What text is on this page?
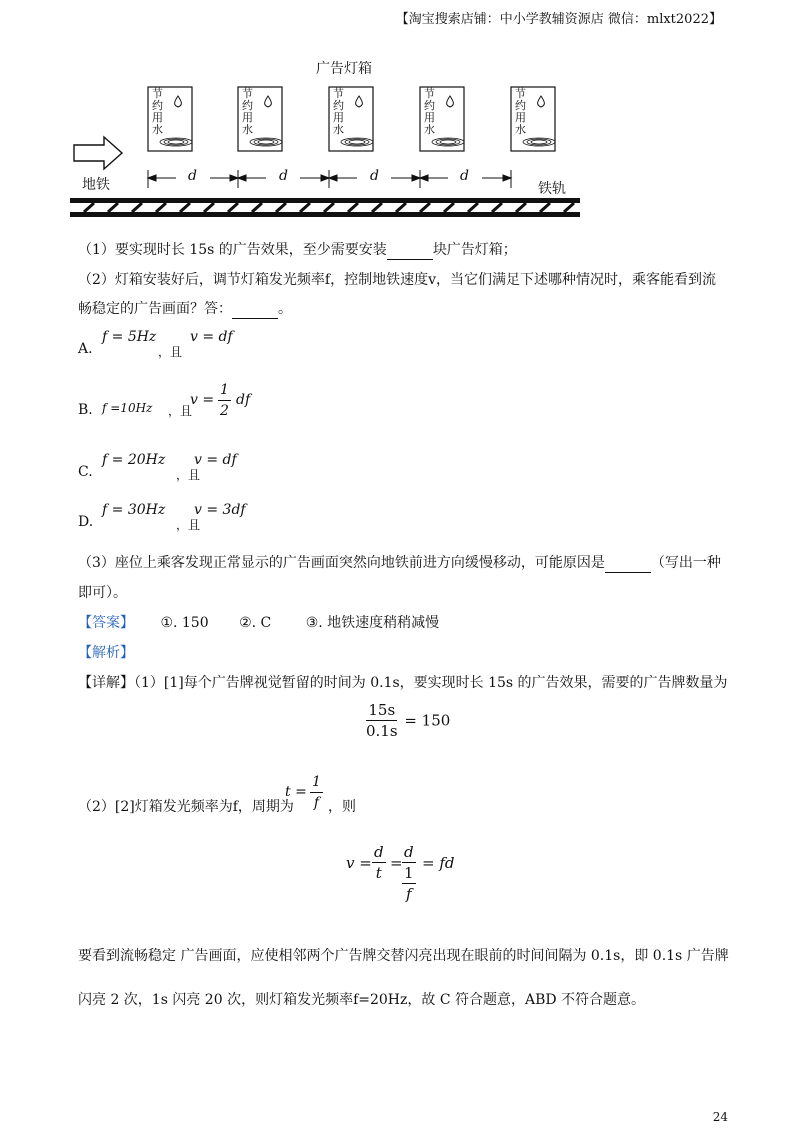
【淘宝搜索店铺：中小学教辅资源店 微信：mlxt2022】
广告灯箱
d	d	d	d
地铁	铁轨
节
约
用
水
节
约
用
水
节
约
用
水
节
约
用
水
节
约
用
水
（1）要实现时长 15s 的广告效果，至少需要安装	块广告灯箱；
（2）灯箱安装好后，调节灯箱发光频率f，控制地铁速度v，当它们满足下述哪种情况时，乘客能看到流
畅稳定的广告画面？答：	。
A.
f = 5Hz
，且
v = df
B. f =10Hz ，且
$v = \frac{1}{2}$ df
C.
f = 20Hz
，且
v = df
D.
f = 30Hz
，且
v = 3df
（3）座位上乘客发现正常显示的广告画面突然向地铁前进方向缓慢移动，可能原因是	（写出一种
即可）。
【答案】 ①. 150 ②. C ③. 地铁速度稍稍减慢
【解析】
【详解】（1）[1]每个广告牌视觉暂留的时间为 0.1s，要实现时长 15s 的广告效果，需要的广告牌数量为
$\frac{15s}{0.1s} = 150$
（2）[2]灯箱发光频率为f，周期为
$t = \frac{1}{f}$ ，则
$v = \frac{d}{t}$ =
d
1
f
= fd
要看到流畅稳定 广告画面，应使相邻两个广告牌交替闪亮出现在眼前的时间间隔为 0.1s，即 0.1s 广告牌
闪亮 2 次，1s 闪亮 20 次，则灯箱发光频率f=20Hz，故 C 符合题意，ABD 不符合题意。
24
